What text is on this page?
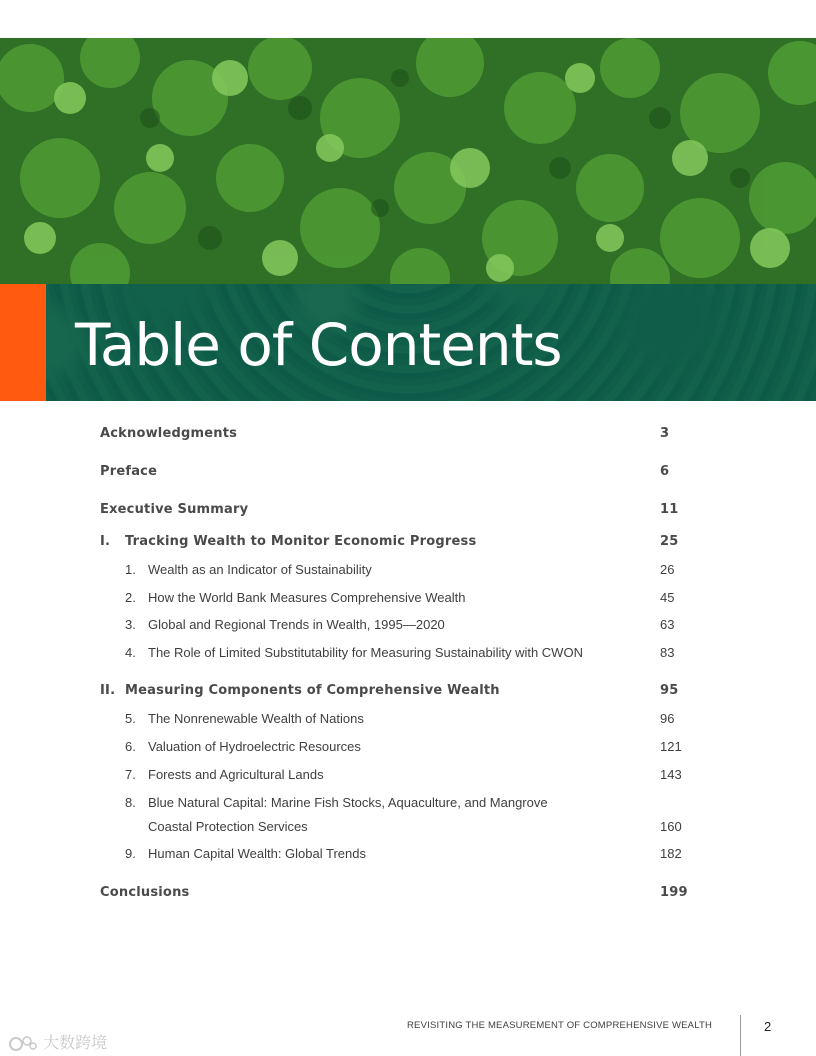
Table of Contents
Acknowledgments	3
Preface	6
Executive Summary	11
I. Tracking Wealth to Monitor Economic Progress	25
1. Wealth as an Indicator of Sustainability	26
2. How the World Bank Measures Comprehensive Wealth	45
3. Global and Regional Trends in Wealth, 1995—2020	63
4. The Role of Limited Substitutability for Measuring Sustainability with CWON	83
II. Measuring Components of Comprehensive Wealth	95
5. The Nonrenewable Wealth of Nations	96
6. Valuation of Hydroelectric Resources	121
7. Forests and Agricultural Lands	143
8. Blue Natural Capital: Marine Fish Stocks, Aquaculture, and Mangrove
Coastal Protection Services	160
9. Human Capital Wealth: Global Trends	182
Conclusions	199
REVISITING THE MEASUREMENT OF COMPREHENSIVE WEALTH	2
大数跨境
